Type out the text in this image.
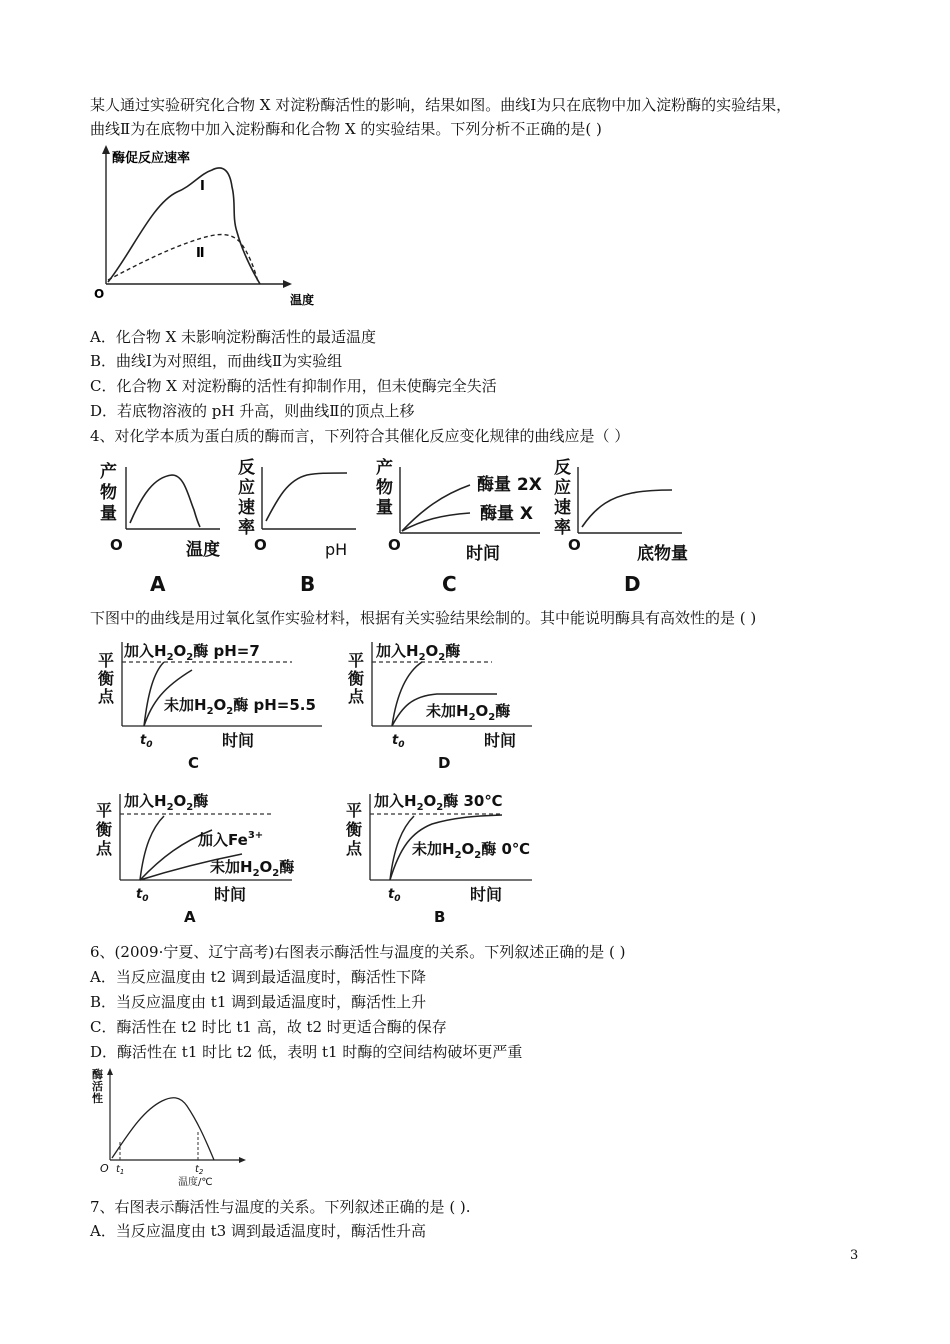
某人通过实验研究化合物 X 对淀粉酶活性的影响，结果如图。曲线Ⅰ为只在底物中加入淀粉酶的实验结果，
曲线Ⅱ为在底物中加入淀粉酶和化合物 X 的实验结果。下列分析不正确的是( )
酶促反应速率
Ⅰ
Ⅱ
O	温度
A．化合物 X 未影响淀粉酶活性的最适温度
B．曲线Ⅰ为对照组，而曲线Ⅱ为实验组
C．化合物 X 对淀粉酶的活性有抑制作用，但未使酶完全失活
D．若底物溶液的 pH 升高，则曲线Ⅱ的顶点上移
4、对化学本质为蛋白质的酶而言，下列符合其催化反应变化规律的曲线应是（ ）
产
物
量
O	温度
A
反
应
速
率
O	pH
B
产
物
量
酶量 2X
酶量 X
O	时间
C
反
应
速
率
O	底物量
D
下图中的曲线是用过氧化氢作实验材料，根据有关实验结果绘制的。其中能说明酶具有高效性的是 ( )
平
衡
点
加入$H_2O_2$酶 pH=7
未加$H_2O_2$酶 pH=5.5
$t_0$	时间
C
平
衡
点
加入$H_2O_2$酶
未加$H_2O_2$酶
$t_0$	时间
D
平
衡
点
加入$H_2O_2$酶
加入$Fe^{3+}$
未加$H_2O_2$酶
$t_0$	时间
A
平
衡
点
加入$H_2O_2$酶 30℃
未加$H_2O_2$酶 0℃
$t_0$	时间
B
6、(2009·宁夏、辽宁高考)右图表示酶活性与温度的关系。下列叙述正确的是 ( )
A．当反应温度由 t2 调到最适温度时，酶活性下降
B．当反应温度由 t1 调到最适温度时，酶活性上升
C．酶活性在 t2 时比 t1 高，故 t2 时更适合酶的保存
D．酶活性在 t1 时比 t2 低，表明 t1 时酶的空间结构破坏更严重
酶
活
性
O $t_1$	$t_2$
温度/℃
7、右图表示酶活性与温度的关系。下列叙述正确的是 ( ).
A．当反应温度由 t3 调到最适温度时，酶活性升高
3
